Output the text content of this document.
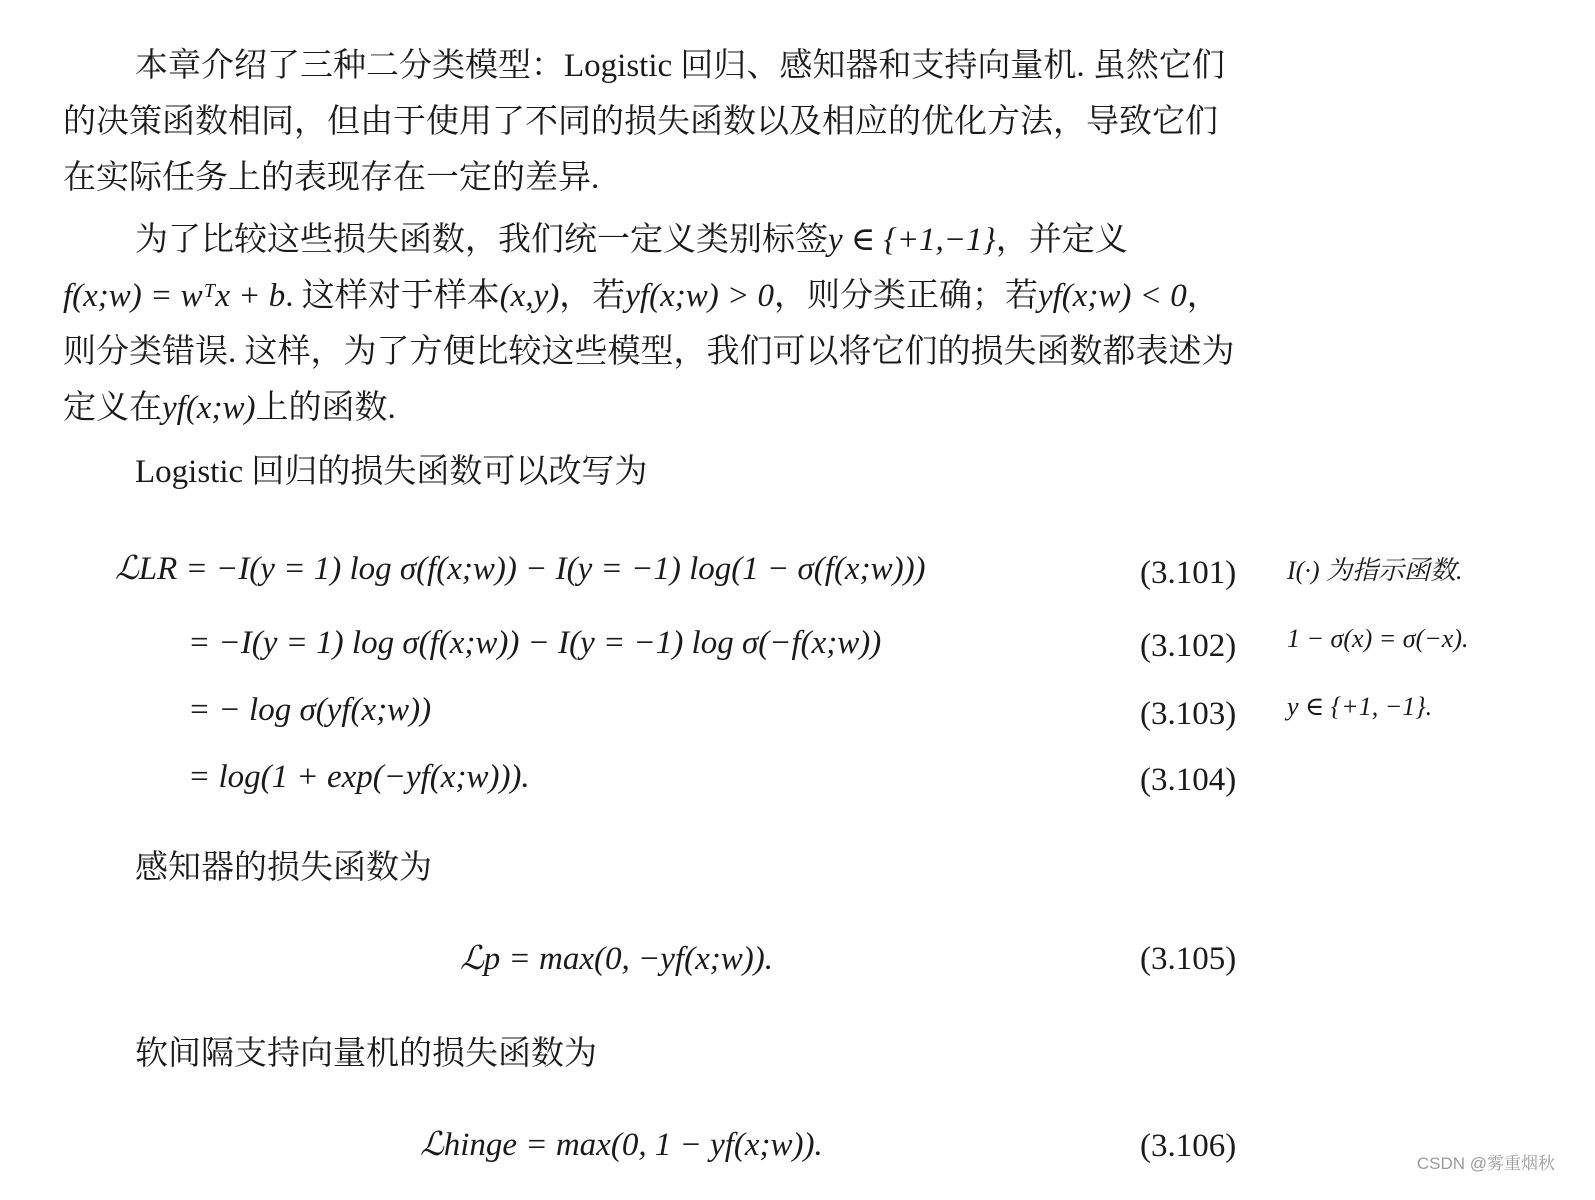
本章介绍了三种二分类模型：Logistic 回归、感知器和支持向量机. 虽然它们的决策函数相同，但由于使用了不同的损失函数以及相应的优化方法，导致它们在实际任务上的表现存在一定的差异.

为了比较这些损失函数，我们统一定义类别标签y ∈ {+1,−1}，并定义f(x;w) = wᵀx + b. 这样对于样本(x,y)，若yf(x;w) > 0，则分类正确；若yf(x;w) < 0，则分类错误. 这样，为了方便比较这些模型，我们可以将它们的损失函数都表述为定义在yf(x;w)上的函数.

Logistic 回归的损失函数可以改写为

ℒLR = −I(y = 1) log σ(f(x;w)) − I(y = −1) log(1 − σ(f(x;w)))	(3.101) I(·) 为指示函数.
= −I(y = 1) log σ(f(x;w)) − I(y = −1) log σ(−f(x;w))	(3.102) 1 − σ(x) = σ(−x).
= − log σ(yf(x;w))	(3.103) y ∈ {+1, −1}.
= log(1 + exp(−yf(x;w))).	(3.104)

感知器的损失函数为

ℒp = max(0, −yf(x;w)).	(3.105)

软间隔支持向量机的损失函数为

ℒhinge = max(0, 1 − yf(x;w)).	(3.106)	CSDN @雾重烟秋
